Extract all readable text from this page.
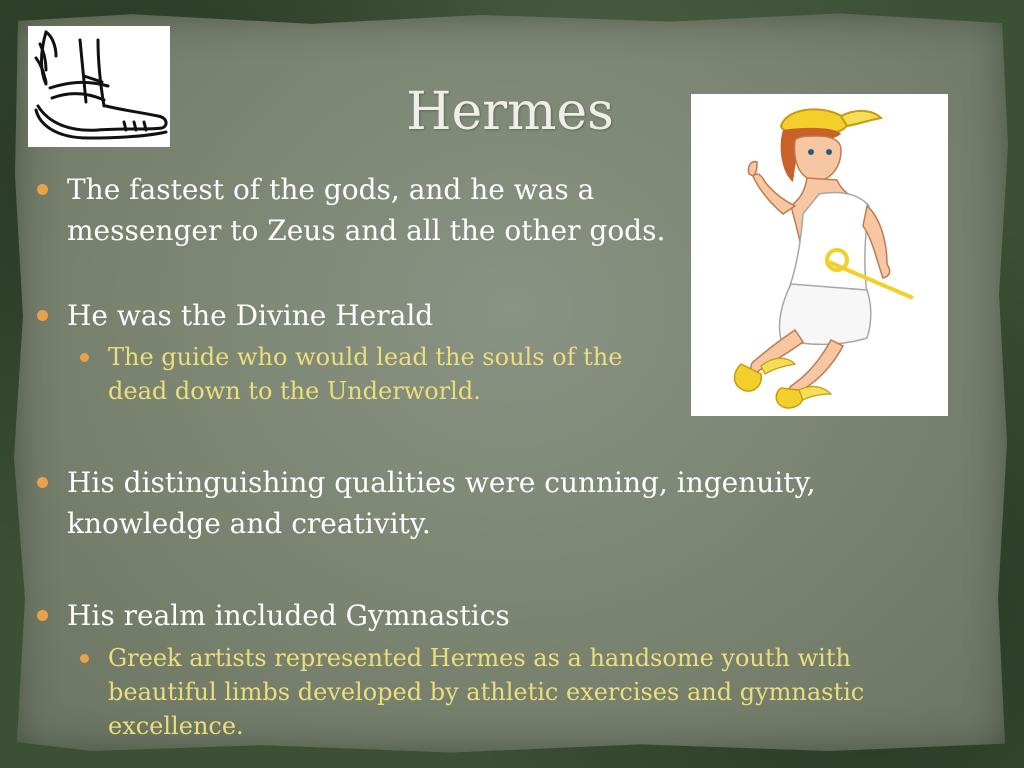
Hermes
The fastest of the gods, and he was a messenger to Zeus and all the other gods.
He was the Divine Herald
The guide who would lead the souls of the dead down to the Underworld.
His distinguishing qualities were cunning, ingenuity, knowledge and creativity.
His realm included Gymnastics
Greek artists represented Hermes as a handsome youth with beautiful limbs developed by athletic exercises and gymnastic excellence.
